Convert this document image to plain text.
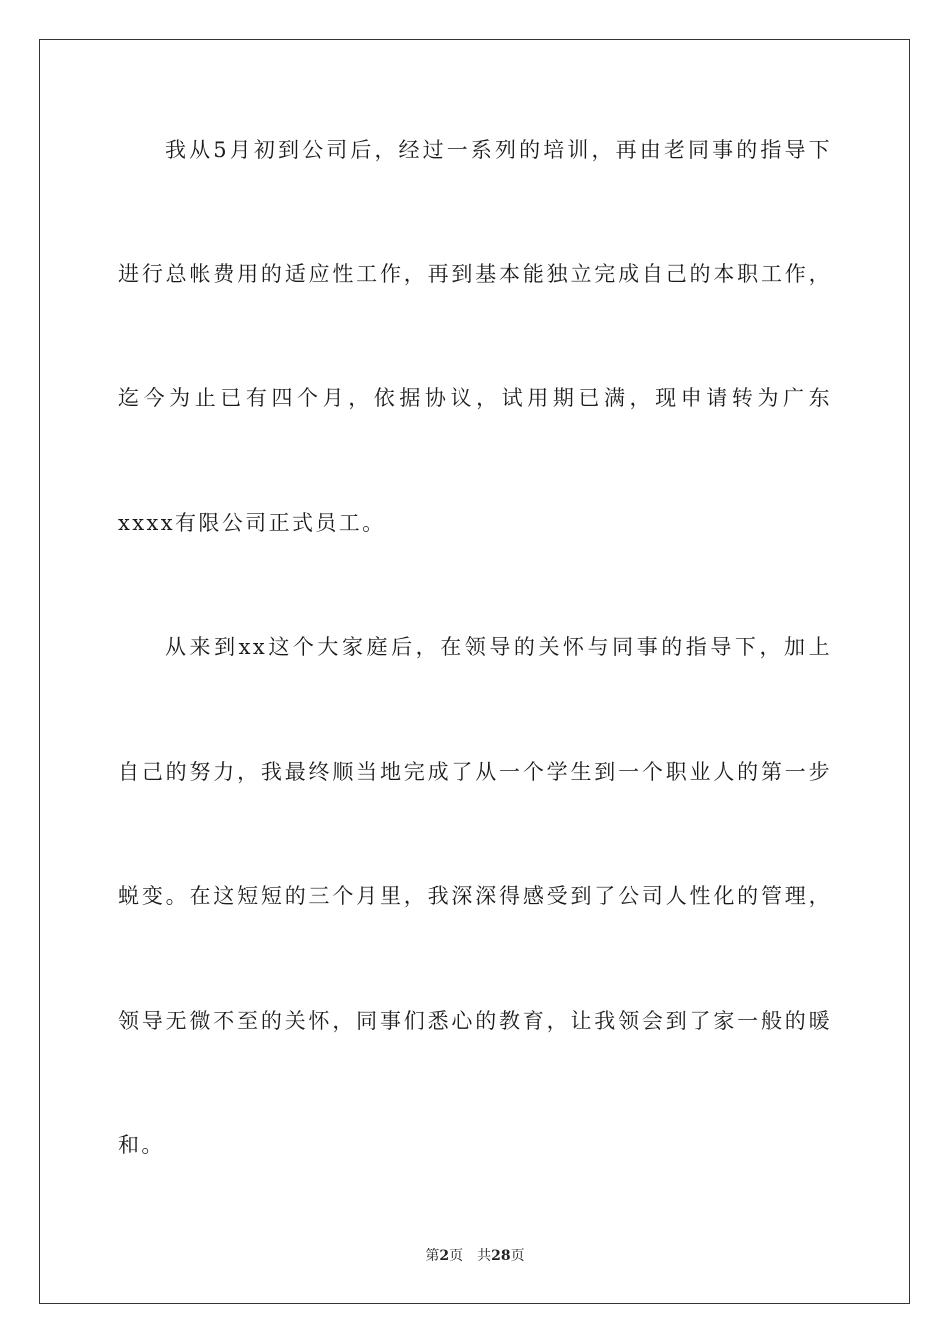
我从5月初到公司后，经过一系列的培训，再由老同事的指导下
进行总帐费用的适应性工作，再到基本能独立完成自己的本职工作，
迄今为止已有四个月，依据协议，试用期已满，现申请转为广东
xxxx有限公司正式员工。
从来到xx这个大家庭后，在领导的关怀与同事的指导下，加上
自己的努力，我最终顺当地完成了从一个学生到一个职业人的第一步
蜕变。在这短短的三个月里，我深深得感受到了公司人性化的管理，
领导无微不至的关怀，同事们悉心的教育，让我领会到了家一般的暖
和。
第2页 共28页
